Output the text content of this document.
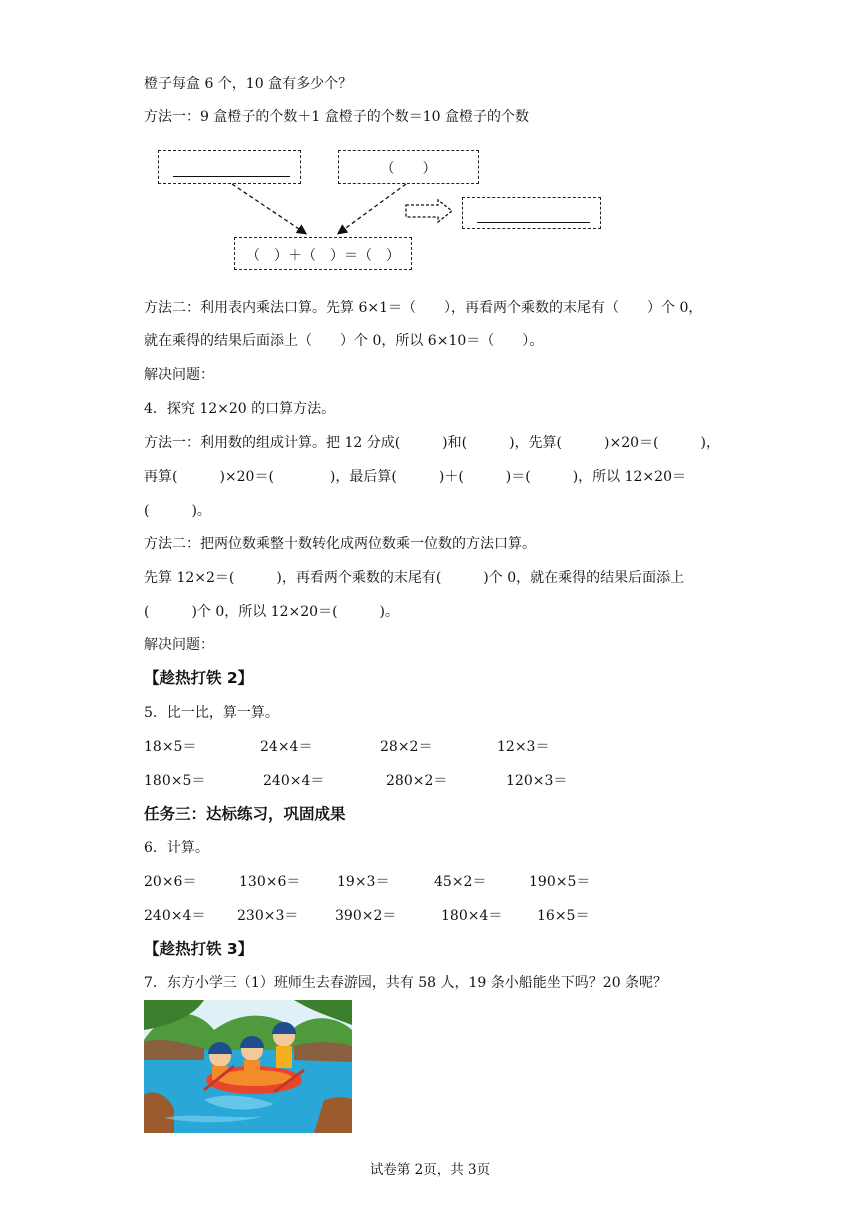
橙子每盒 6 个，10 盒有多少个？
方法一：9 盒橙子的个数＋1 盒橙子的个数＝10 盒橙子的个数
（　　）
（　）＋（　）＝（　）
方法二：利用表内乘法口算。先算 6×1＝（　　），再看两个乘数的末尾有（　　）个 0，
就在乘得的结果后面添上（　　）个 0，所以 6×10＝（　　）。
解决问题：
4．探究 12×20 的口算方法。
方法一：利用数的组成计算。把 12 分成(　　　)和(　　　)，先算(　　　)×20＝(　　　)，
再算(　　　)×20＝(　　　　)，最后算(　　　)＋(　　　)＝(　　　)，所以 12×20＝
(　　　)。
方法二：把两位数乘整十数转化成两位数乘一位数的方法口算。
先算 12×2＝(　　　)，再看两个乘数的末尾有(　　　)个 0，就在乘得的结果后面添上
(　　　)个 0，所以 12×20＝(　　　)。
解决问题：
【趁热打铁 2】
5．比一比，算一算。
18×5＝	24×4＝	28×2＝	12×3＝
180×5＝	240×4＝	280×2＝	120×3＝
任务三：达标练习，巩固成果
6．计算。
20×6＝	130×6＝	19×3＝	45×2＝	190×5＝
240×4＝ 230×3＝	390×2＝	180×4＝ 16×5＝
【趁热打铁 3】
7．东方小学三（1）班师生去春游园，共有 58 人，19 条小船能坐下吗？20 条呢？
试卷第 2页，共 3页
